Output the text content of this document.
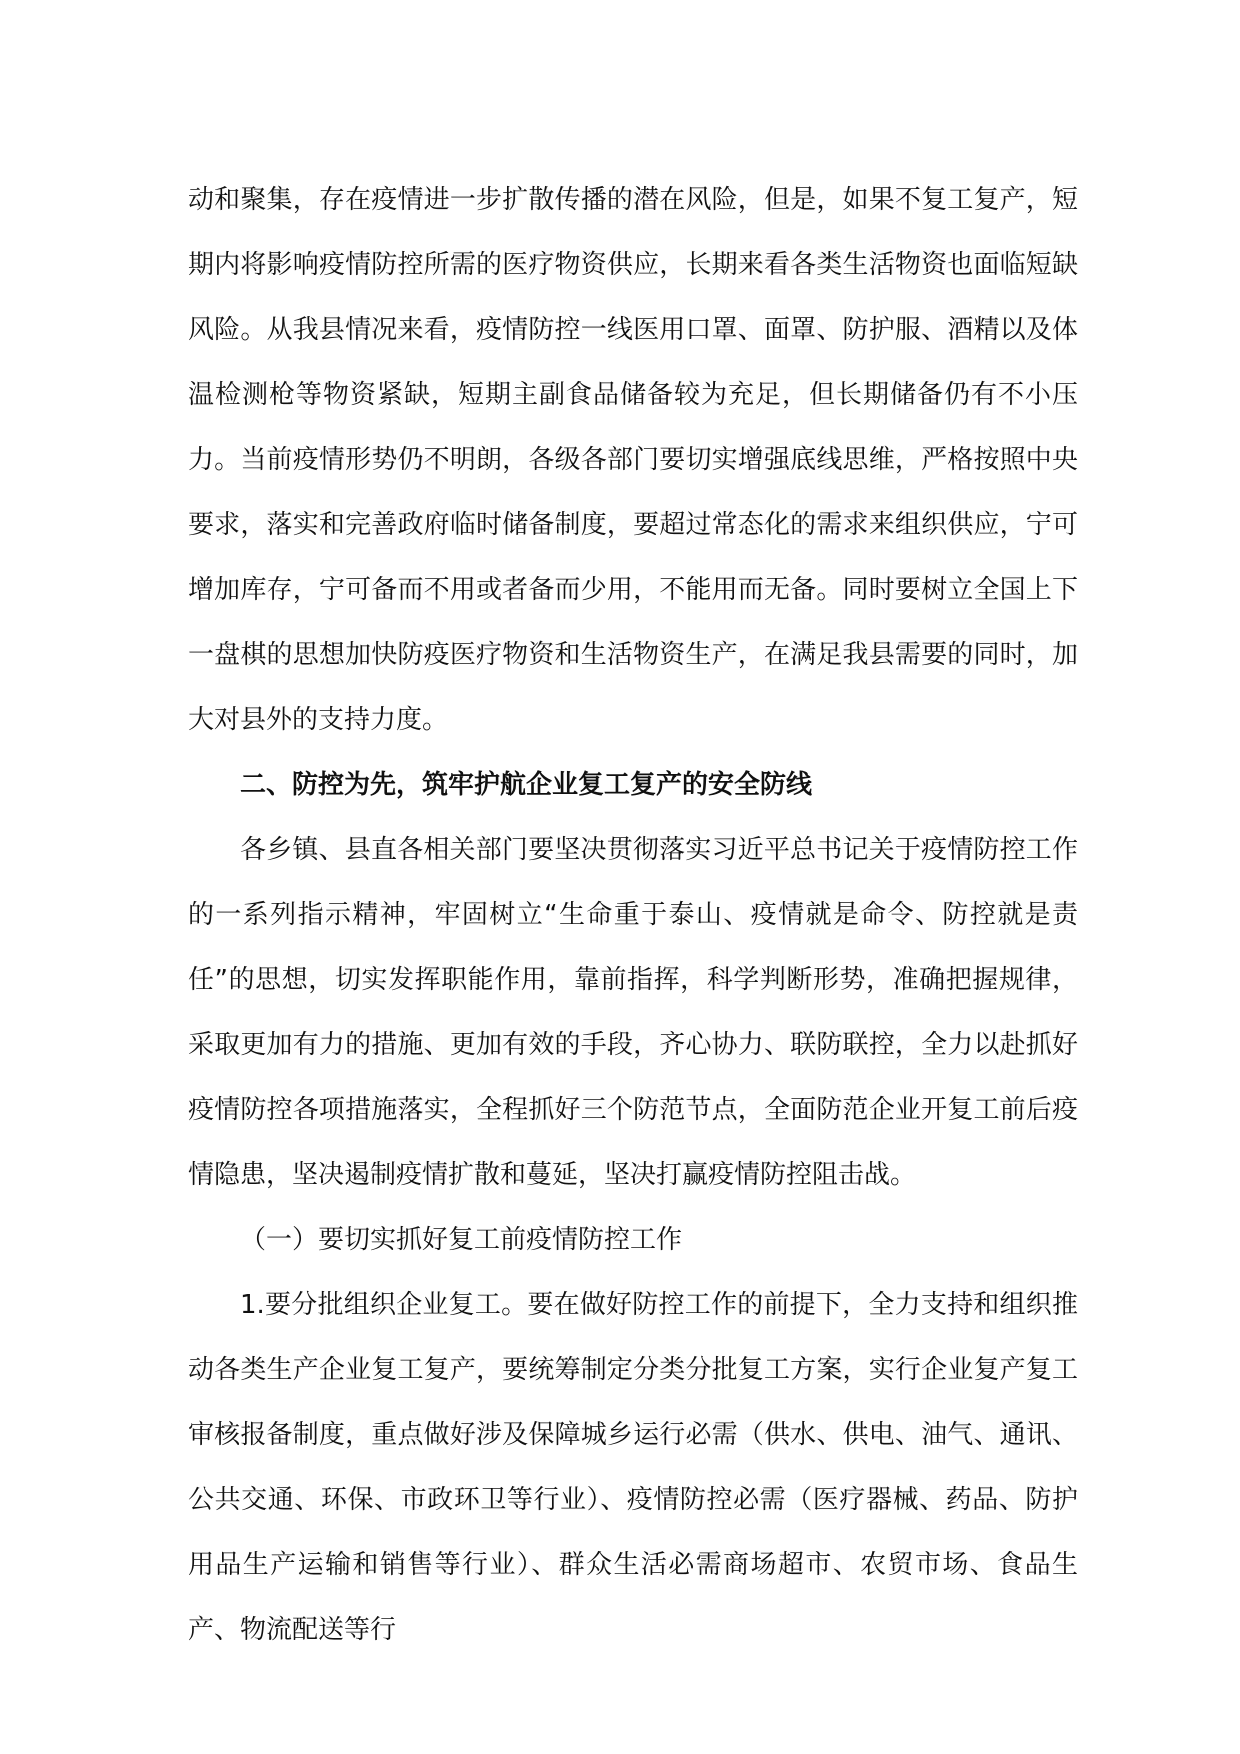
动和聚集，存在疫情进一步扩散传播的潜在风险，但是，如果不复工复产，短期内将影响疫情防控所需的医疗物资供应，长期来看各类生活物资也面临短缺风险。从我县情况来看，疫情防控一线医用口罩、面罩、防护服、酒精以及体温检测枪等物资紧缺，短期主副食品储备较为充足，但长期储备仍有不小压力。当前疫情形势仍不明朗，各级各部门要切实增强底线思维，严格按照中央要求，落实和完善政府临时储备制度，要超过常态化的需求来组织供应，宁可增加库存，宁可备而不用或者备而少用，不能用而无备。同时要树立全国上下一盘棋的思想加快防疫医疗物资和生活物资生产，在满足我县需要的同时，加大对县外的支持力度。

二、防控为先，筑牢护航企业复工复产的安全防线

各乡镇、县直各相关部门要坚决贯彻落实习近平总书记关于疫情防控工作的一系列指示精神，牢固树立“生命重于泰山、疫情就是命令、防控就是责任”的思想，切实发挥职能作用，靠前指挥，科学判断形势，准确把握规律，采取更加有力的措施、更加有效的手段，齐心协力、联防联控，全力以赴抓好疫情防控各项措施落实，全程抓好三个防范节点，全面防范企业开复工前后疫情隐患，坚决遏制疫情扩散和蔓延，坚决打赢疫情防控阻击战。

（一）要切实抓好复工前疫情防控工作

1.要分批组织企业复工。要在做好防控工作的前提下，全力支持和组织推动各类生产企业复工复产，要统筹制定分类分批复工方案，实行企业复产复工审核报备制度，重点做好涉及保障城乡运行必需（供水、供电、油气、通讯、公共交通、环保、市政环卫等行业）、疫情防控必需（医疗器械、药品、防护用品生产运输和销售等行业）、群众生活必需商场超市、农贸市场、食品生产、物流配送等行
